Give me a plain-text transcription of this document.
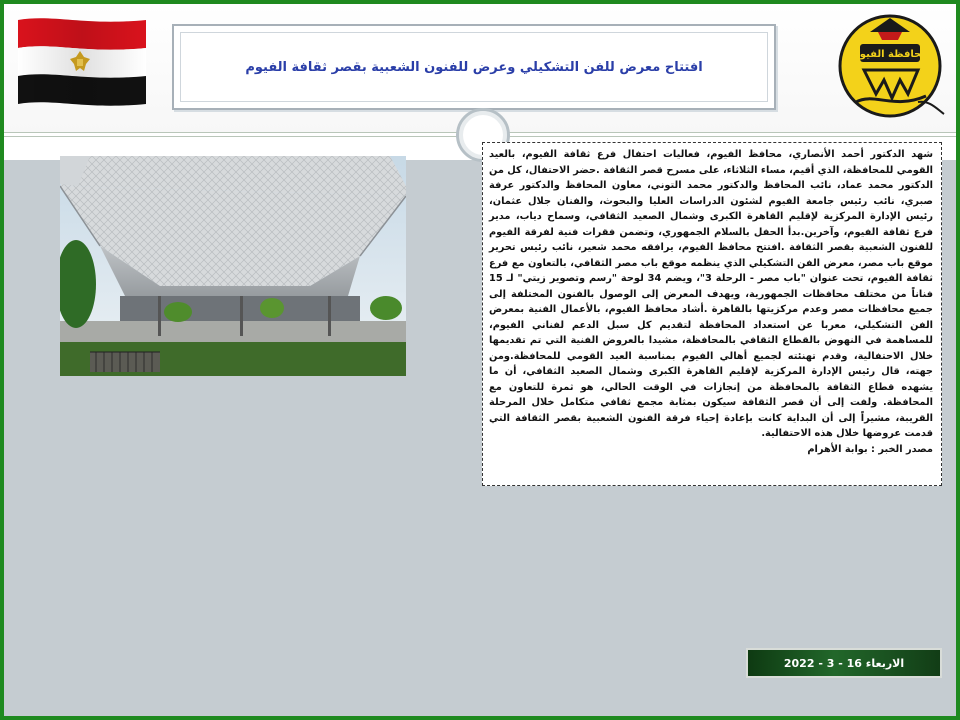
افتتاح معرض للفن التشكيلي وعرض للفنون الشعبية بقصر ثقافة الفيوم
محافظة الفيوم

شهد الدكتور أحمد الأنصاري، محافظ الفيوم، فعاليات احتفال فرع ثقافة الفيوم، بالعيد القومي للمحافظة، الذي أقيم، مساء الثلاثاء، على مسرح قصر الثقافة .حضر الاحتفال، كل من الدكتور محمد عماد، نائب المحافظ والدكتور محمد التوني، معاون المحافظ والدكتور عرفة صبري، نائب رئيس جامعة الفيوم لشئون الدراسات العليا والبحوث، والفنان جلال عثمان، رئيس الإدارة المركزية لإقليم القاهرة الكبرى وشمال الصعيد الثقافي، وسماح دياب، مدير فرع ثقافة الفيوم، وآخرين.بدأ الحفل بالسلام الجمهوري، وتضمن فقرات فنية لفرقة الفيوم للفنون الشعبية بقصر الثقافة .افتتح محافظ الفيوم، يرافقه محمد شعير، نائب رئيس تحرير موقع باب مصر، معرض الفن التشكيلي الذي ينظمه موقع باب مصر الثقافي، بالتعاون مع فرع ثقافة الفيوم، تحت عنوان "باب مصر - الرحلة 3"، ويضم 34 لوحة "رسم وتصوير زيتي" لـ 15 فناناً من مختلف محافظات الجمهورية، ويهدف المعرض إلى الوصول بالفنون المختلفة إلى جميع محافظات مصر وعدم مركزيتها بالقاهرة .أشاد محافظ الفيوم، بالأعمال الفنية بمعرض الفن التشكيلي، معربا عن استعداد المحافظة لتقديم كل سبل الدعم لفناني الفيوم، للمساهمة في النهوض بالقطاع الثقافي بالمحافظة، مشيدا بالعروض الفنية التي تم تقديمها خلال الاحتفالية، وقدم تهنئته لجميع أهالي الفيوم بمناسبة العيد القومي للمحافظة.ومن جهته، قال رئيس الإدارة المركزية لإقليم القاهرة الكبرى وشمال الصعيد الثقافي، أن ما يشهده قطاع الثقافة بالمحافظة من إنجازات في الوقت الحالي، هو ثمرة للتعاون مع المحافظة. ولفت إلى أن قصر الثقافة سيكون بمثابة مجمع ثقافي متكامل خلال المرحلة القريبة، مشيراً إلى أن البداية كانت بإعادة إحياء فرقة الفنون الشعبية بقصر الثقافة التي قدمت عروضها خلال هذه الاحتفالية.

مصدر الخبر : بوابة الأهرام

الاربعاء 16 - 3 - 2022
